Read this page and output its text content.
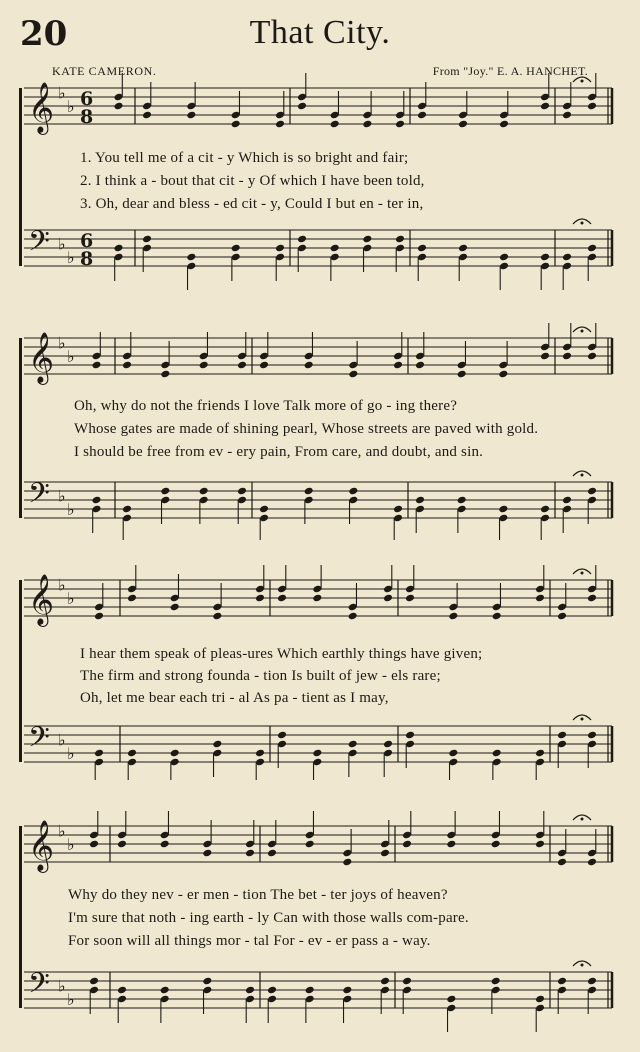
20	That City.
KATE CAMERON.	From "Joy." E. A. HANCHET.
𝄞 ♭
♭ 6
8
𝄢 ♭
♭
6
8
1. You tell me of a cit - y Which is so bright and fair;
2. I think a - bout that cit - y Of which I have been told,
3. Oh, dear and bless - ed cit - y, Could I but en - ter in,
𝄞 ♭
♭
𝄢 ♭
♭
Oh, why do not the friends I love Talk more of go - ing there?
Whose gates are made of shining pearl, Whose streets are paved with gold.
I should be free from ev - ery pain, From care, and doubt, and sin.
𝄞 ♭
♭
𝄢 ♭
♭
I hear them speak of pleas-ures Which earthly things have given;
The firm and strong founda - tion Is built of jew - els rare;
Oh, let me bear each tri - al As pa - tient as I may,
𝄞 ♭
♭
𝄢 ♭
♭
Why do they nev - er men - tion The bet - ter joys of heaven?
I'm sure that noth - ing earth - ly Can with those walls com-pare.
For soon will all things mor - tal For - ev - er pass a - way.
